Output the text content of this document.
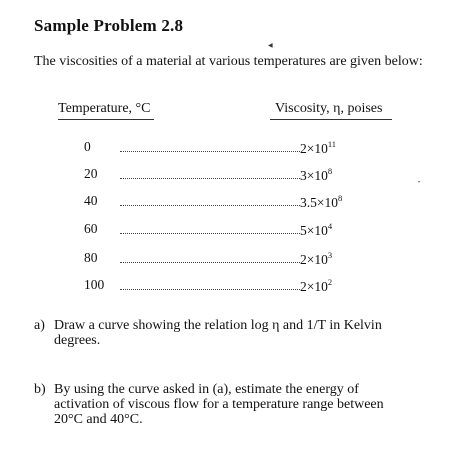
Sample Problem 2.8
The viscosities of a material at various temperatures are given below:
◀
Temperature, °C	Viscosity, η, poises
0	$2\times 10^{11}$
20	$3\times 10^8$
40	$3.5\times 10^8$
60	$5\times 10^4$
80	$2\times 10^3$
100	$2\times 10^2$
•
a) Draw a curve showing the relation log η and 1/T in Kelvin
degrees.
b) By using the curve asked in (a), estimate the energy of
activation of viscous flow for a temperature range between
20°C and 40°C.
